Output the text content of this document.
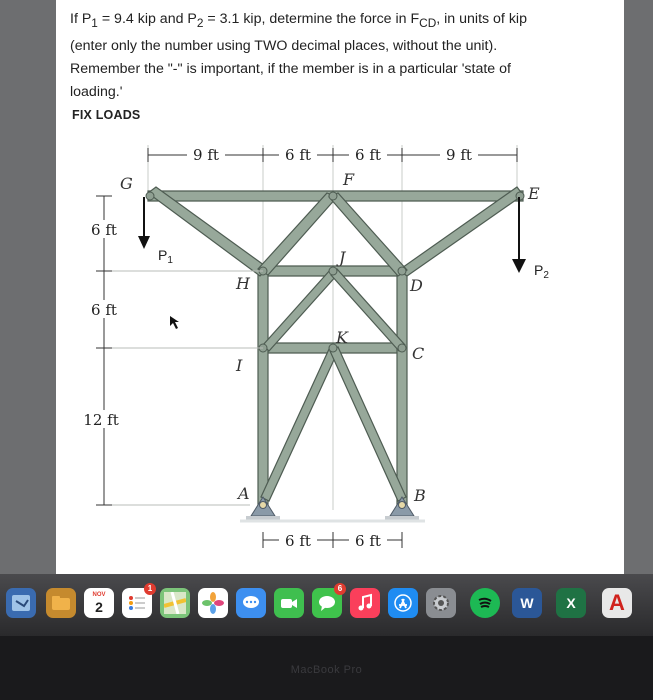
If $P_1 = 9.4$ kip and $P_2 = 3.1$ kip, determine the force in $F_{CD}$, in units of kip

(enter only the number using TWO decimal places, without the unit).

Remember the "-" is important, if the member is in a particular 'state of

loading.'

FIX LOADS
9 ft	6 ft	6 ft	9 ft
6 ft
6 ft
12 ft
6 ft	6 ft
$P_1$
$P_2$
G
E
F
J
H	D
K
I
C
A	B
NOV
2
1	6
W X A
MacBook Pro
